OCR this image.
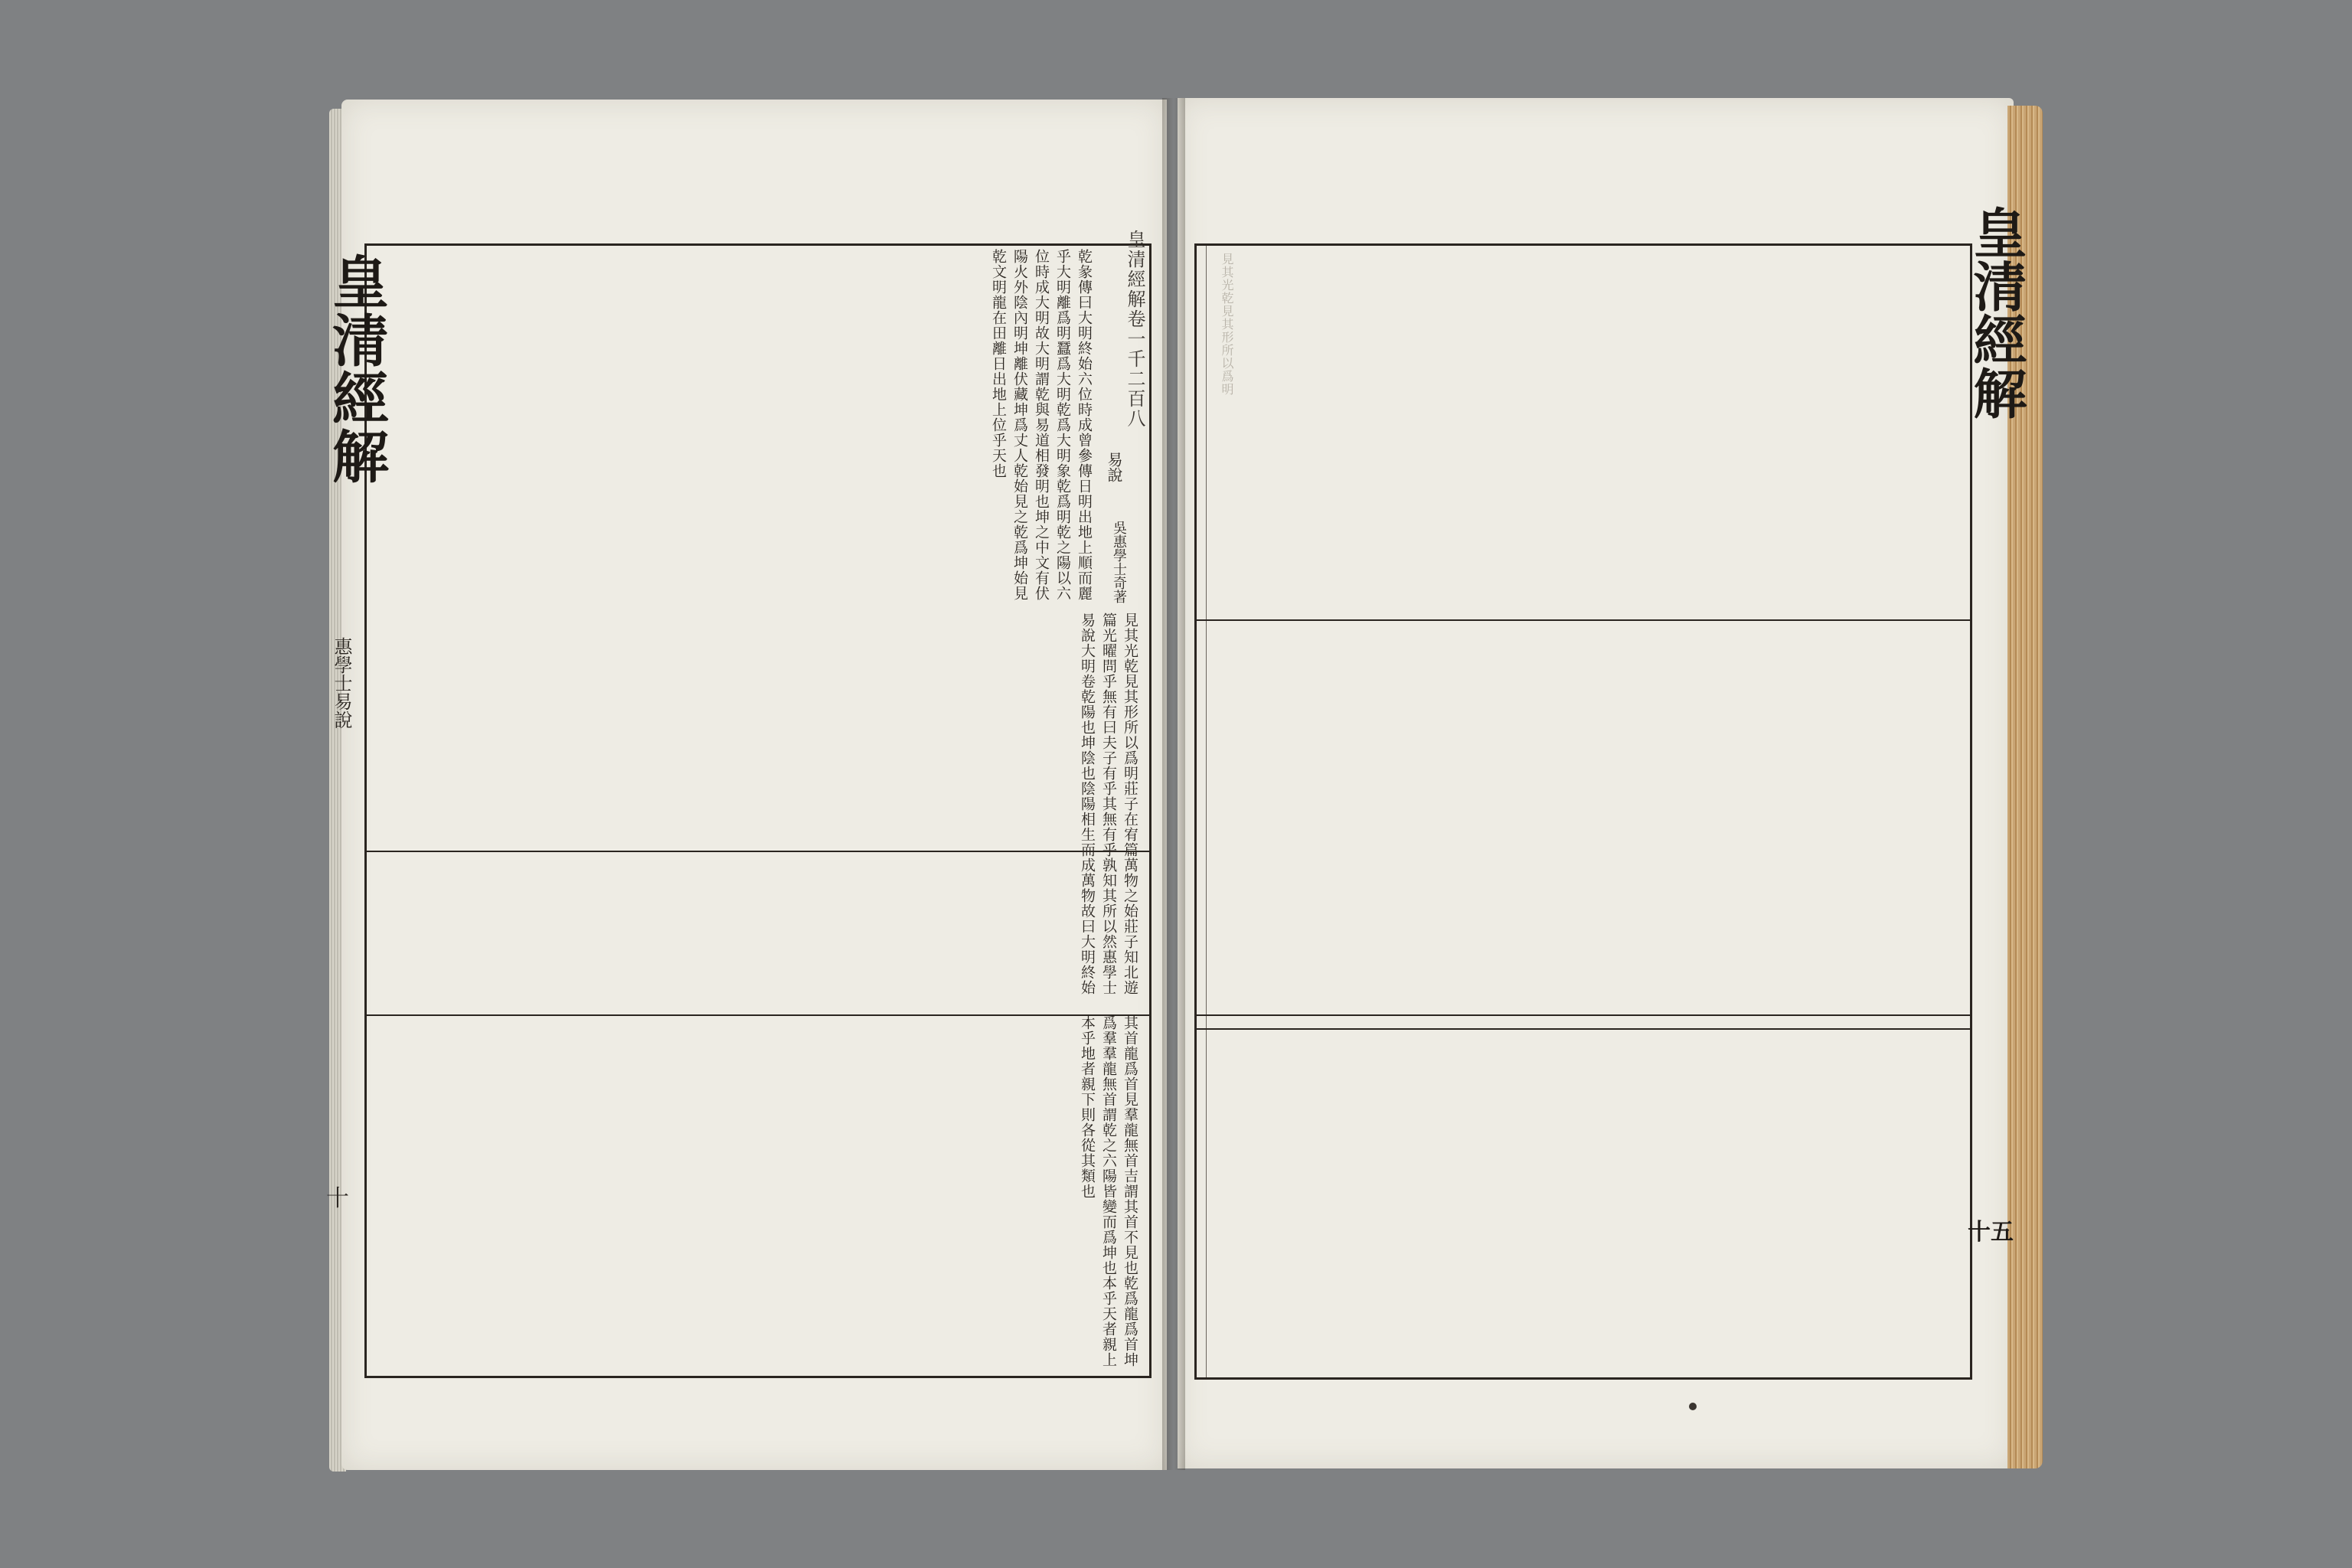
皇清經解卷一千二百八
皇清經解	易說
吳惠學士奇著
乾彖傳曰大明終始六位時成曾參傳日明出地上順而麗乎大明離爲明蠶爲大明乾爲大明象乾爲明乾之陽以六位時成大明故大明謂乾與易道相發明也坤之中文有伏陽火外陰內明坤離伏藏坤爲丈人乾始見之乾爲坤始見乾文明龍在田離日出地上位乎天也
見其光乾見其形所以爲明莊子在宥篇萬物之始莊子知北遊篇光曜問乎無有曰夫子有乎其無有乎孰知其所以然惠學士易說大明卷乾陽也坤陰也陰陽相生而成萬物故曰大明終始
其首龍爲首見羣龍無首吉謂其首不見也乾爲龍爲首坤爲羣羣龍無首謂乾之六陽皆變而爲坤也本乎天者親上本乎地者親下則各從其類也
惠學士易說
十
見其光乾見其形所以爲明	皇清經解
十五
